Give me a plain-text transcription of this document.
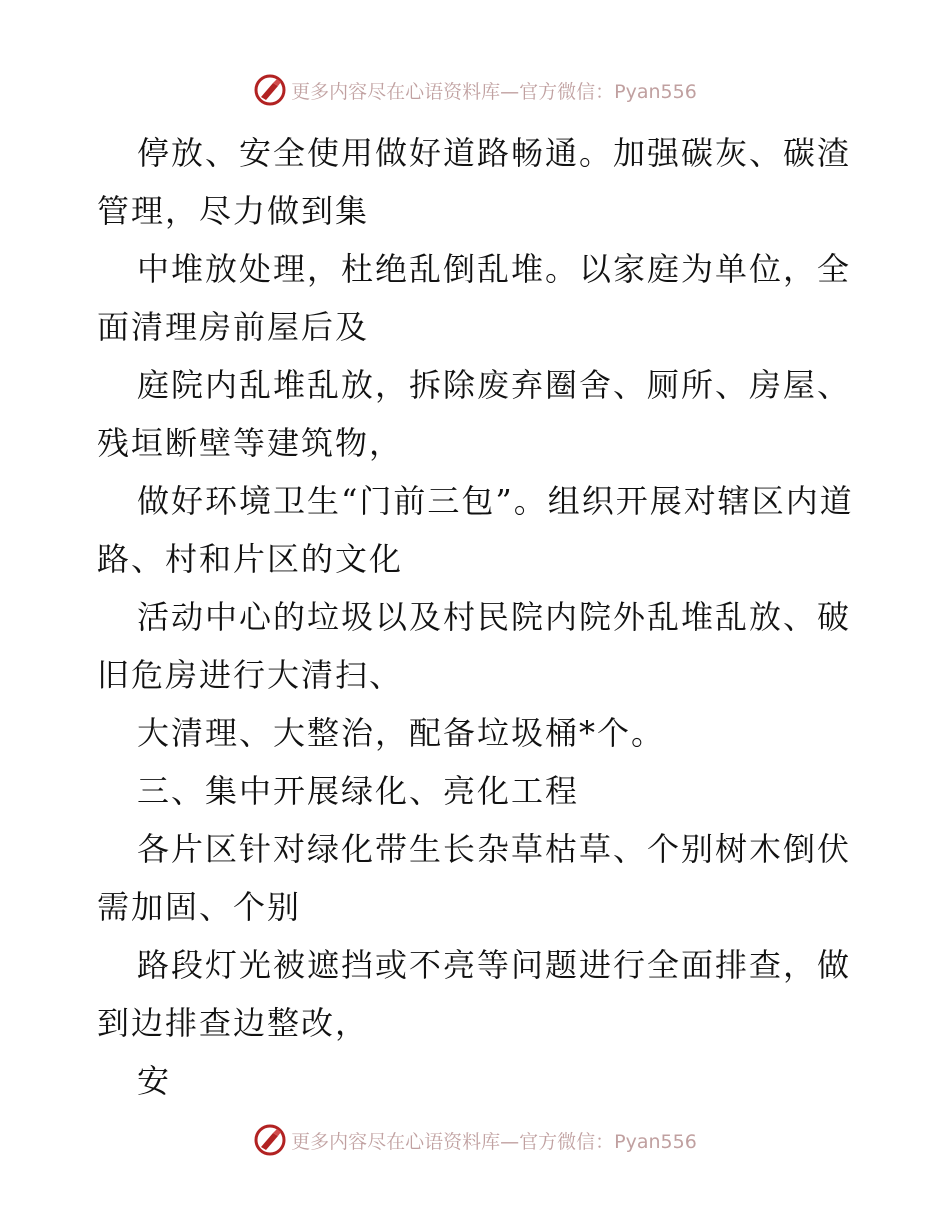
更多内容尽在心语资料库—官方微信：Pyan556

停放、安全使用做好道路畅通。加强碳灰、碳渣管理，尽力做到集

中堆放处理，杜绝乱倒乱堆。以家庭为单位，全面清理房前屋后及

庭院内乱堆乱放，拆除废弃圈舍、厕所、房屋、残垣断壁等建筑物，

做好环境卫生“门前三包”。组织开展对辖区内道路、村和片区的文化

活动中心的垃圾以及村民院内院外乱堆乱放、破旧危房进行大清扫、

大清理、大整治，配备垃圾桶*个。

三、集中开展绿化、亮化工程

各片区针对绿化带生长杂草枯草、个别树木倒伏需加固、个别

路段灯光被遮挡或不亮等问题进行全面排查，做到边排查边整改，

安

更多内容尽在心语资料库—官方微信：Pyan556
